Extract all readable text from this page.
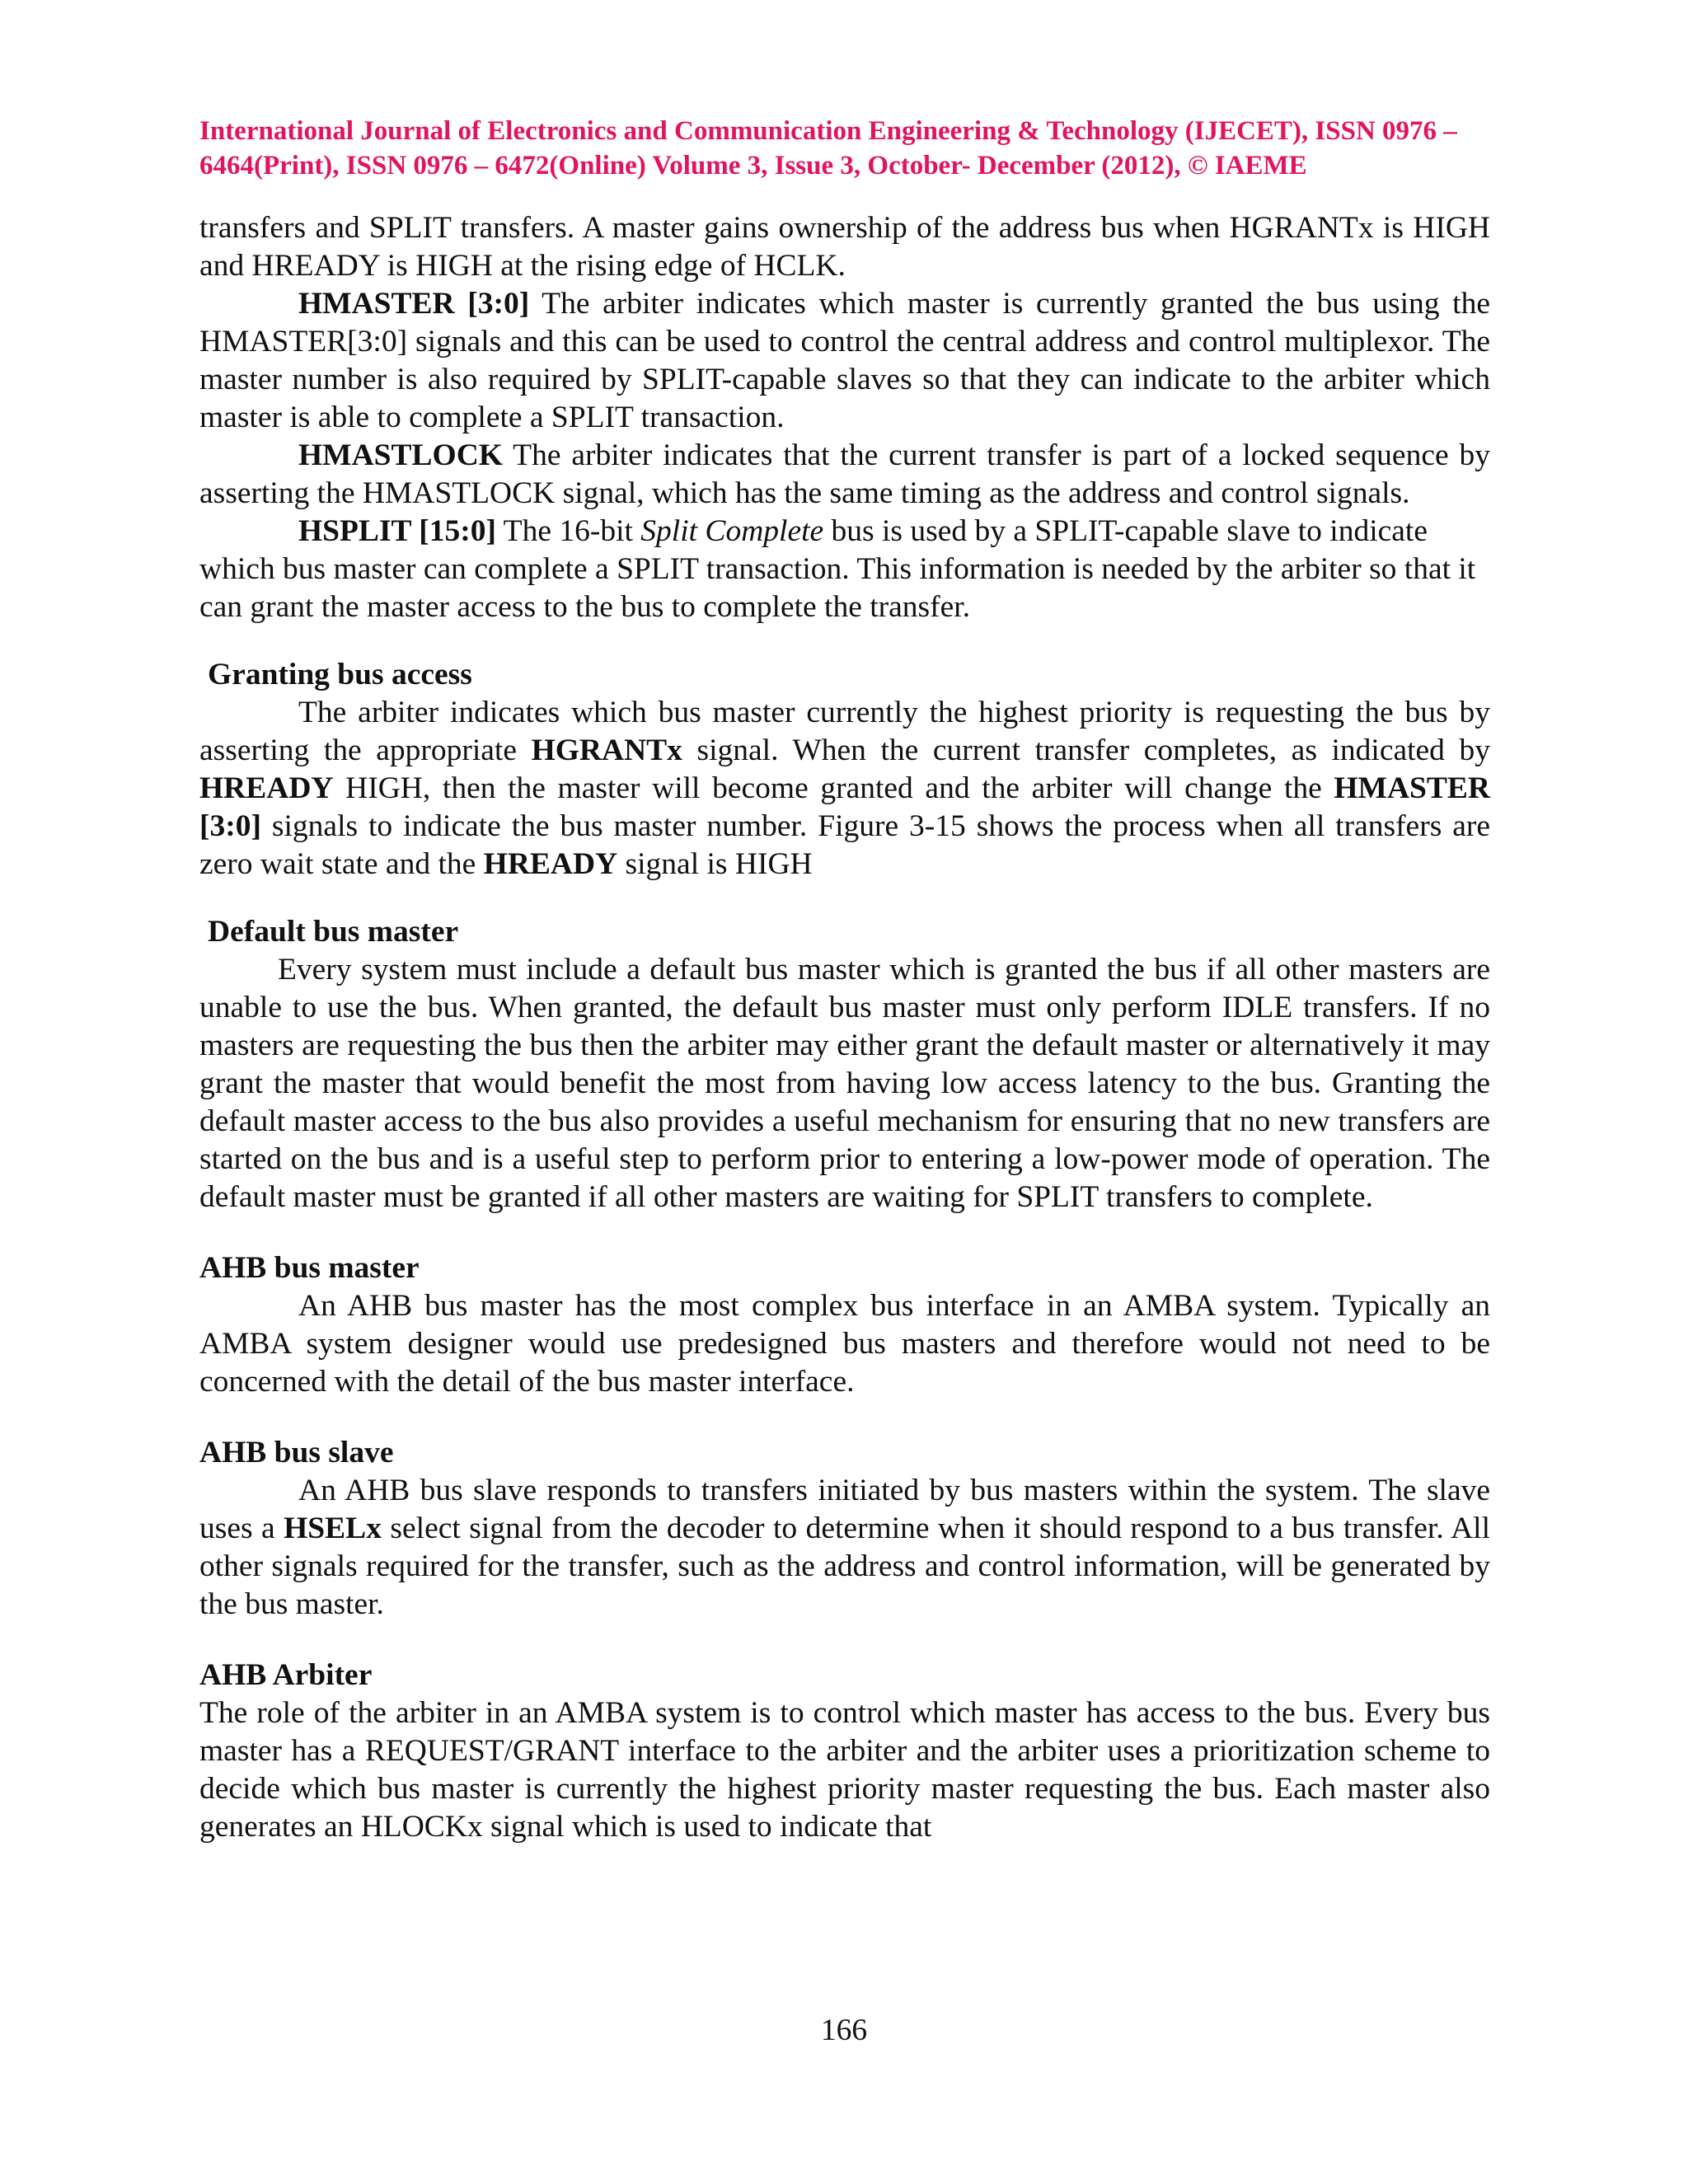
International Journal of Electronics and Communication Engineering & Technology (IJECET), ISSN 0976 –
6464(Print), ISSN 0976 – 6472(Online) Volume 3, Issue 3, October- December (2012), © IAEME

transfers and SPLIT transfers. A master gains ownership of the address bus when HGRANTx is HIGH and HREADY is HIGH at the rising edge of HCLK.

HMASTER [3:0] The arbiter indicates which master is currently granted the bus using the HMASTER[3:0] signals and this can be used to control the central address and control multiplexor. The master number is also required by SPLIT-capable slaves so that they can indicate to the arbiter which master is able to complete a SPLIT transaction.

HMASTLOCK The arbiter indicates that the current transfer is part of a locked sequence by asserting the HMASTLOCK signal, which has the same timing as the address and control signals.

HSPLIT [15:0] The 16-bit Split Complete bus is used by a SPLIT-capable slave to indicate which bus master can complete a SPLIT transaction. This information is needed by the arbiter so that it can grant the master access to the bus to complete the transfer.

Granting bus access

The arbiter indicates which bus master currently the highest priority is requesting the bus by asserting the appropriate HGRANTx signal. When the current transfer completes, as indicated by HREADY HIGH, then the master will become granted and the arbiter will change the HMASTER [3:0] signals to indicate the bus master number. Figure 3-15 shows the process when all transfers are zero wait state and the HREADY signal is HIGH

Default bus master

Every system must include a default bus master which is granted the bus if all other masters are unable to use the bus. When granted, the default bus master must only perform IDLE transfers. If no masters are requesting the bus then the arbiter may either grant the default master or alternatively it may grant the master that would benefit the most from having low access latency to the bus. Granting the default master access to the bus also provides a useful mechanism for ensuring that no new transfers are started on the bus and is a useful step to perform prior to entering a low-power mode of operation. The default master must be granted if all other masters are waiting for SPLIT transfers to complete.

AHB bus master

An AHB bus master has the most complex bus interface in an AMBA system. Typically an AMBA system designer would use predesigned bus masters and therefore would not need to be concerned with the detail of the bus master interface.

AHB bus slave

An AHB bus slave responds to transfers initiated by bus masters within the system. The slave uses a HSELx select signal from the decoder to determine when it should respond to a bus transfer. All other signals required for the transfer, such as the address and control information, will be generated by the bus master.

AHB Arbiter

The role of the arbiter in an AMBA system is to control which master has access to the bus. Every bus master has a REQUEST/GRANT interface to the arbiter and the arbiter uses a prioritization scheme to decide which bus master is currently the highest priority master requesting the bus. Each master also generates an HLOCKx signal which is used to indicate that

166
